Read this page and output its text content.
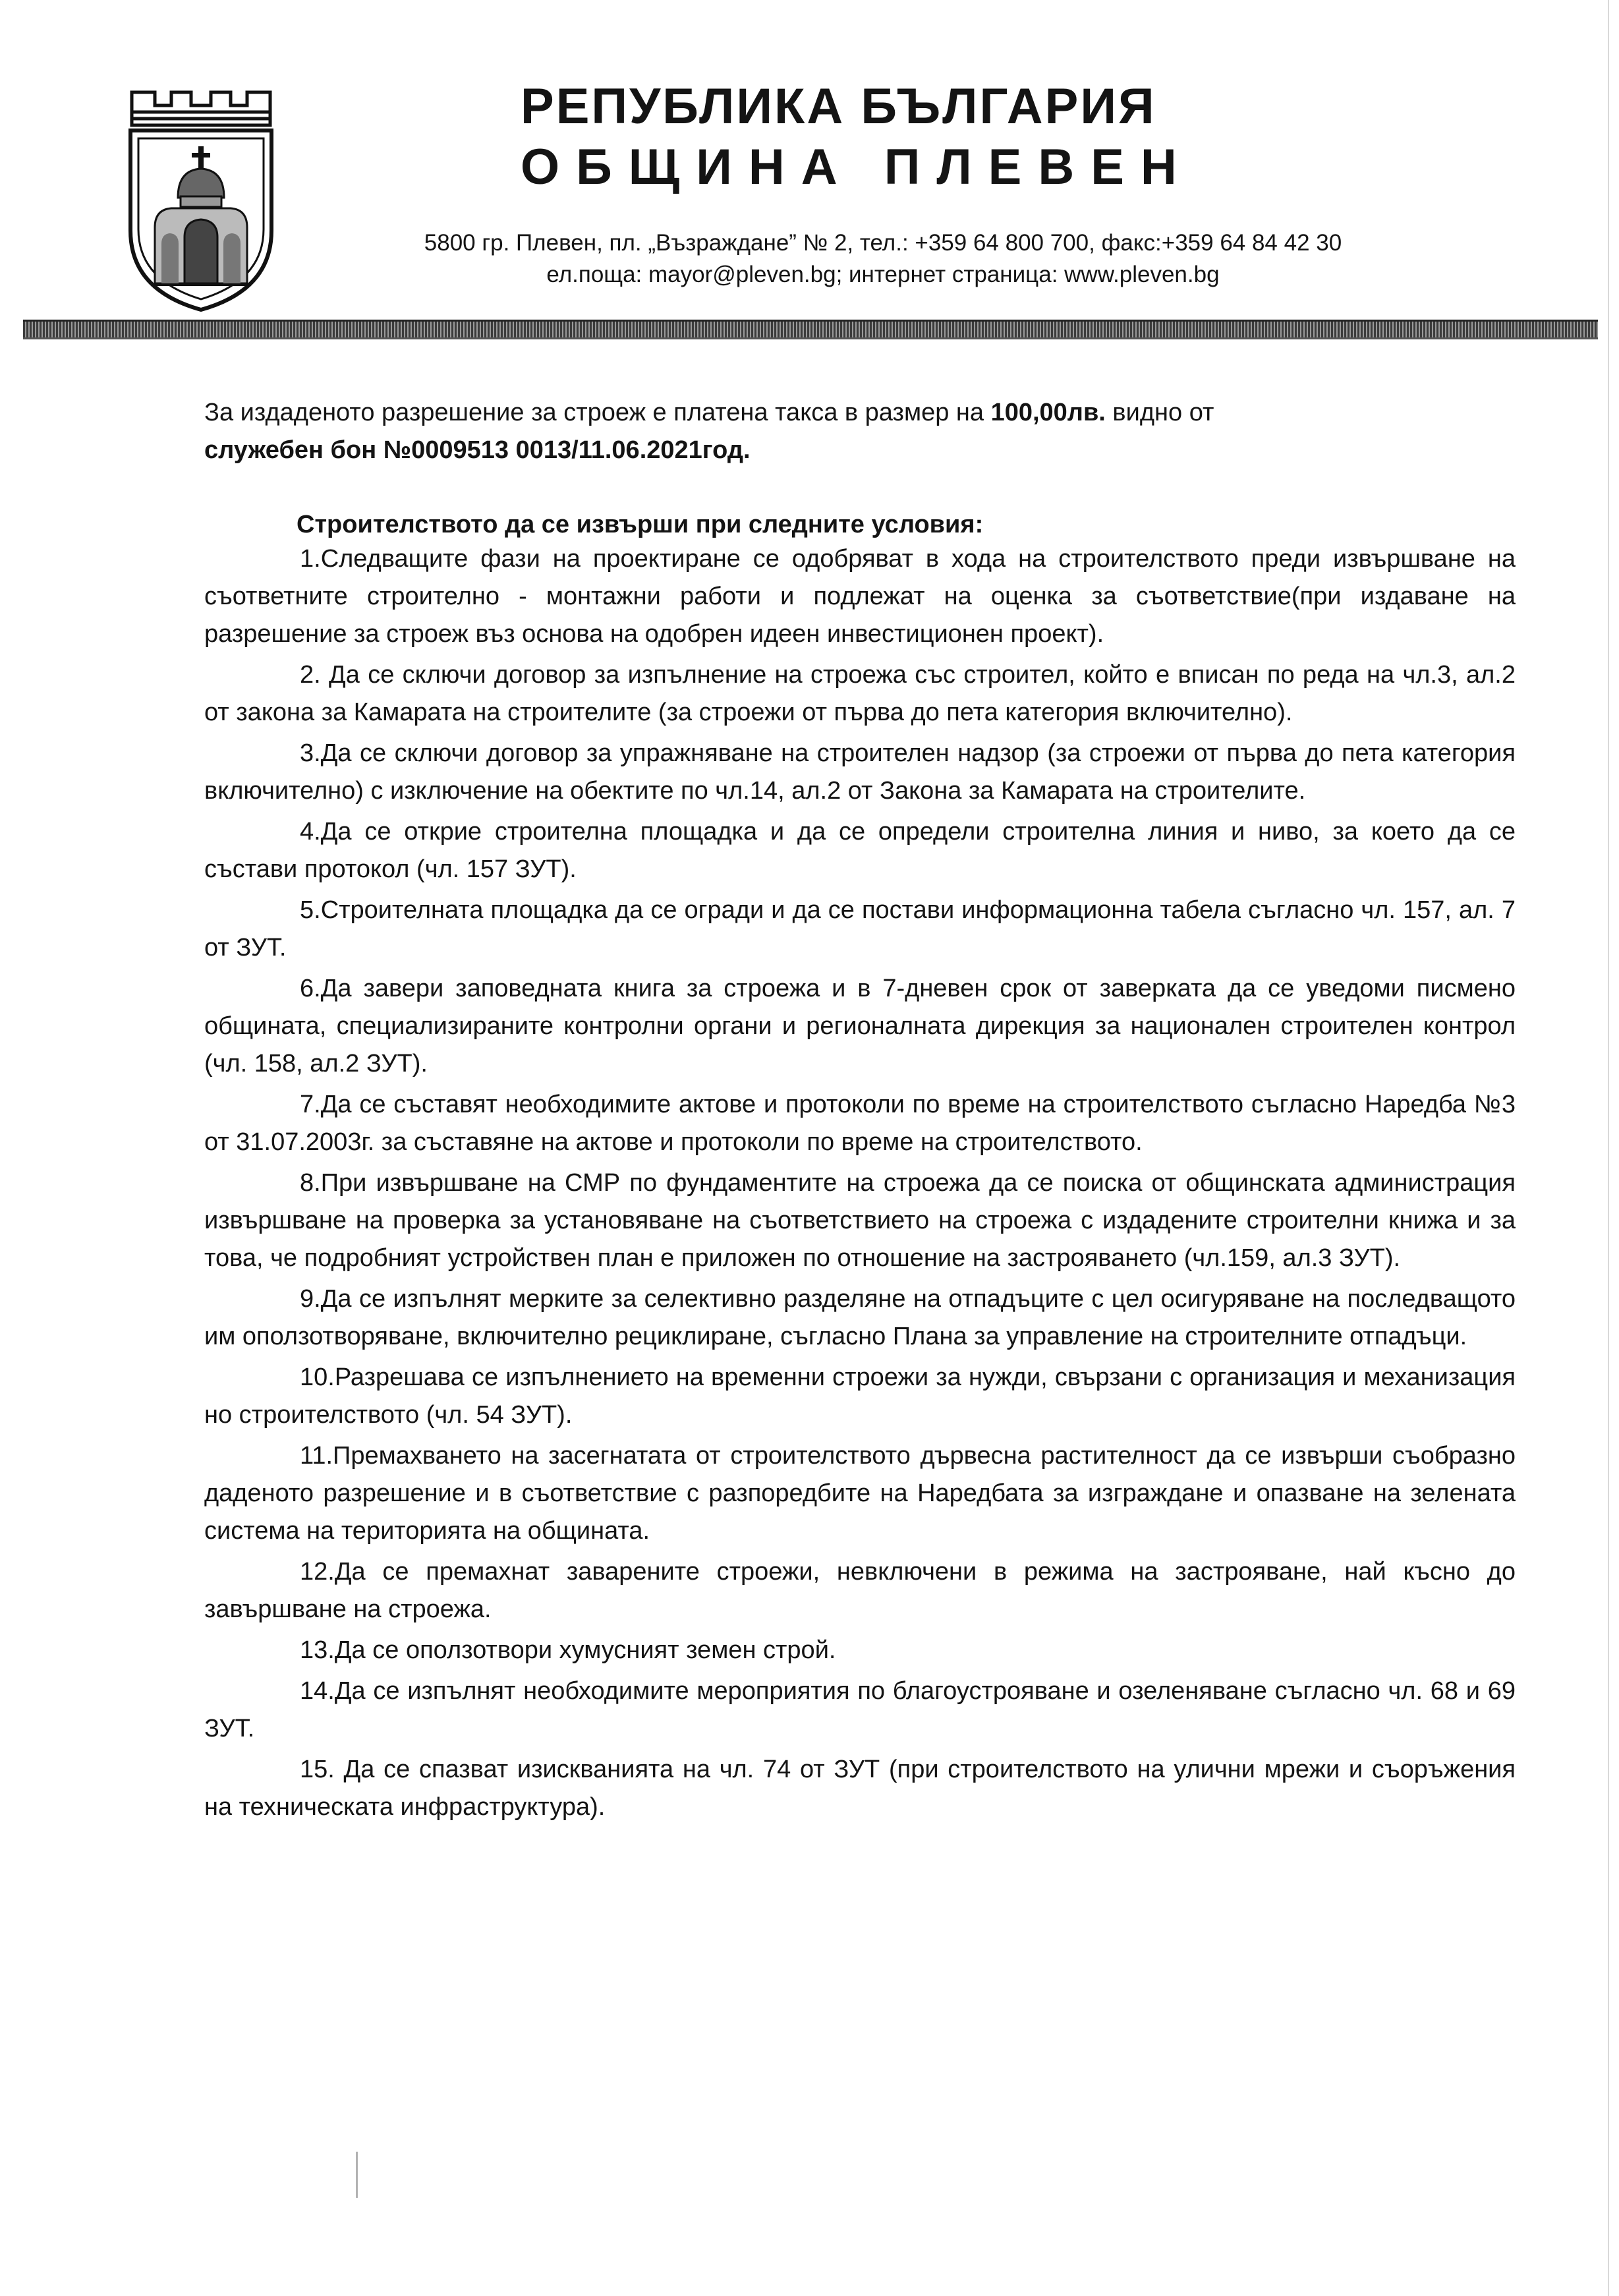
РЕПУБЛИКА БЪЛГАРИЯ
ОБЩИНА ПЛЕВЕН
5800 гр. Плевен, пл. „Възраждане” № 2, тел.: +359 64 800 700, факс:+359 64 84 42 30
ел.поща: mayor@pleven.bg; интернет страница: www.pleven.bg
За издаденото разрешение за строеж е платена такса в размер на 100,00лв. видно от
служебен бон №0009513 0013/11.06.2021год.
Строителството да се извърши при следните условия:

1.Следващите фази на проектиране се одобряват в хода на строителството преди извършване на съответните строително - монтажни работи и подлежат на оценка за съответствие(при издаване на разрешение за строеж въз основа на одобрен идеен инвестиционен проект).

2. Да се сключи договор за изпълнение на строежа със строител, който е вписан по реда на чл.3, ал.2 от закона за Камарата на строителите (за строежи от първа до пета категория включително).

3.Да се сключи договор за упражняване на строителен надзор (за строежи от първа до пета категория включително) с изключение на обектите по чл.14, ал.2 от Закона за Камарата на строителите.

4.Да се открие строителна площадка и да се определи строителна линия и ниво, за което да се състави протокол (чл. 157 ЗУТ).

5.Строителната площадка да се огради и да се постави информационна табела съгласно чл. 157, ал. 7 от ЗУТ.

6.Да завери заповедната книга за строежа и в 7-дневен срок от заверката да се уведоми писмено общината, специализираните контролни органи и регионалната дирекция за национален строителен контрол (чл. 158, ал.2 ЗУТ).

7.Да се съставят необходимите актове и протоколи по време на строителството съгласно Наредба №3 от 31.07.2003г. за съставяне на актове и протоколи по време на строителството.

8.При извършване на СМР по фундаментите на строежа да се поиска от общинската администрация извършване на проверка за установяване на съответствието на строежа с издадените строителни книжа и за това, че подробният устройствен план е приложен по отношение на застрояването (чл.159, ал.3 ЗУТ).

9.Да се изпълнят мерките за селективно разделяне на отпадъците с цел осигуряване на последващото им оползотворяване, включително рециклиране, съгласно Плана за управление на строителните отпадъци.

10.Разрешава се изпълнението на временни строежи за нужди, свързани с организация и механизация но строителството (чл. 54 ЗУТ).

11.Премахването на засегнатата от строителството дървесна растителност да се извърши съобразно даденото разрешение и в съответствие с разпоредбите на Наредбата за изграждане и опазване на зелената система на територията на общината.

12.Да се премахнат заварените строежи, невключени в режима на застрояване, най късно до завършване на строежа.

13.Да се оползотвори хумусният земен строй.

14.Да се изпълнят необходимите мероприятия по благоустрояване и озеленяване съгласно чл. 68 и 69 ЗУТ.

15. Да се спазват изискванията на чл. 74 от ЗУТ (при строителството на улични мрежи и съоръжения на техническата инфраструктура).
